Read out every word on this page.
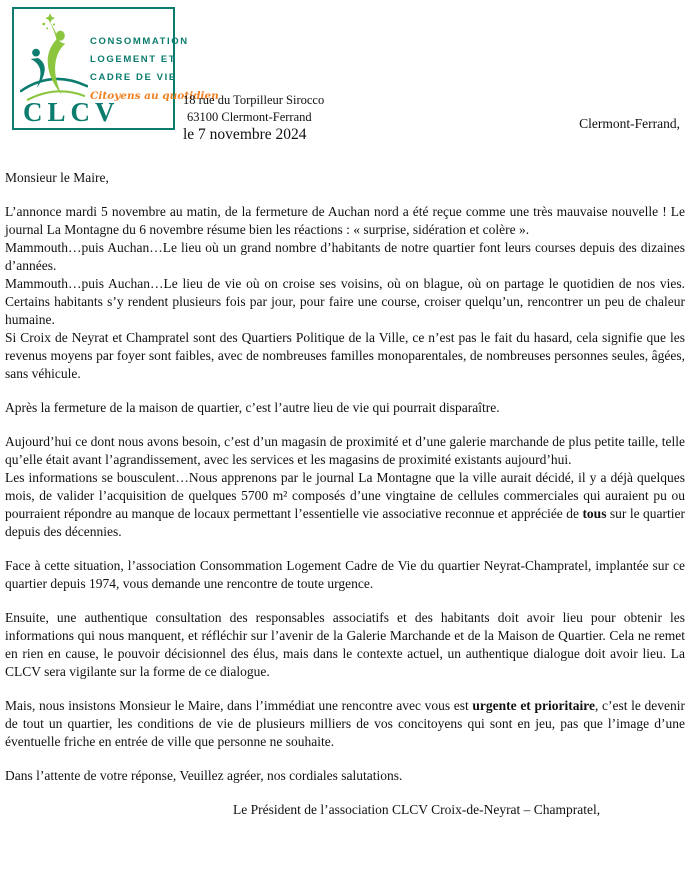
CONSOMMATION
LOGEMENT ET
CADRE DE VIE
Citoyens au quotidien
CLCV	18 rue du Torpilleur Sirocco
63100 Clermont-Ferrand
le 7 novembre 2024
Clermont-Ferrand,

Monsieur le Maire,

L’annonce mardi 5 novembre au matin, de la fermeture de Auchan nord a été reçue comme une très mauvaise nouvelle ! Le journal La Montagne du 6 novembre résume bien les réactions : « surprise, sidération et colère ».

Mammouth…puis Auchan…Le lieu où un grand nombre d’habitants de notre quartier font leurs courses depuis des dizaines d’années.

Mammouth…puis Auchan…Le lieu de vie où on croise ses voisins, où on blague, où on partage le quotidien de nos vies. Certains habitants s’y rendent plusieurs fois par jour, pour faire une course, croiser quelqu’un, rencontrer un peu de chaleur humaine.

Si Croix de Neyrat et Champratel sont des Quartiers Politique de la Ville, ce n’est pas le fait du hasard, cela signifie que les revenus moyens par foyer sont faibles, avec de nombreuses familles monoparentales, de nombreuses personnes seules, âgées, sans véhicule.

Après la fermeture de la maison de quartier, c’est l’autre lieu de vie qui pourrait disparaître.

Aujourd’hui ce dont nous avons besoin, c’est d’un magasin de proximité et d’une galerie marchande de plus petite taille, telle qu’elle était avant l’agrandissement, avec les services et les magasins de proximité existants aujourd’hui.

Les informations se bousculent…Nous apprenons par le journal La Montagne que la ville aurait décidé, il y a déjà quelques mois, de valider l’acquisition de quelques 5700 m² composés d’une vingtaine de cellules commerciales qui auraient pu ou pourraient répondre au manque de locaux permettant l’essentielle vie associative reconnue et appréciée de tous sur le quartier depuis des décennies.

Face à cette situation, l’association Consommation Logement Cadre de Vie du quartier Neyrat-Champratel, implantée sur ce quartier depuis 1974, vous demande une rencontre de toute urgence.

Ensuite, une authentique consultation des responsables associatifs et des habitants doit avoir lieu pour obtenir les informations qui nous manquent, et réfléchir sur l’avenir de la Galerie Marchande et de la Maison de Quartier. Cela ne remet en rien en cause, le pouvoir décisionnel des élus, mais dans le contexte actuel, un authentique dialogue doit avoir lieu. La CLCV sera vigilante sur la forme de ce dialogue.

Mais, nous insistons Monsieur le Maire, dans l’immédiat une rencontre avec vous est urgente et prioritaire, c’est le devenir de tout un quartier, les conditions de vie de plusieurs milliers de vos concitoyens qui sont en jeu, pas que l’image d’une éventuelle friche en entrée de ville que personne ne souhaite.

Dans l’attente de votre réponse, Veuillez agréer, nos cordiales salutations.

Le Président de l’association CLCV Croix-de-Neyrat – Champratel,
